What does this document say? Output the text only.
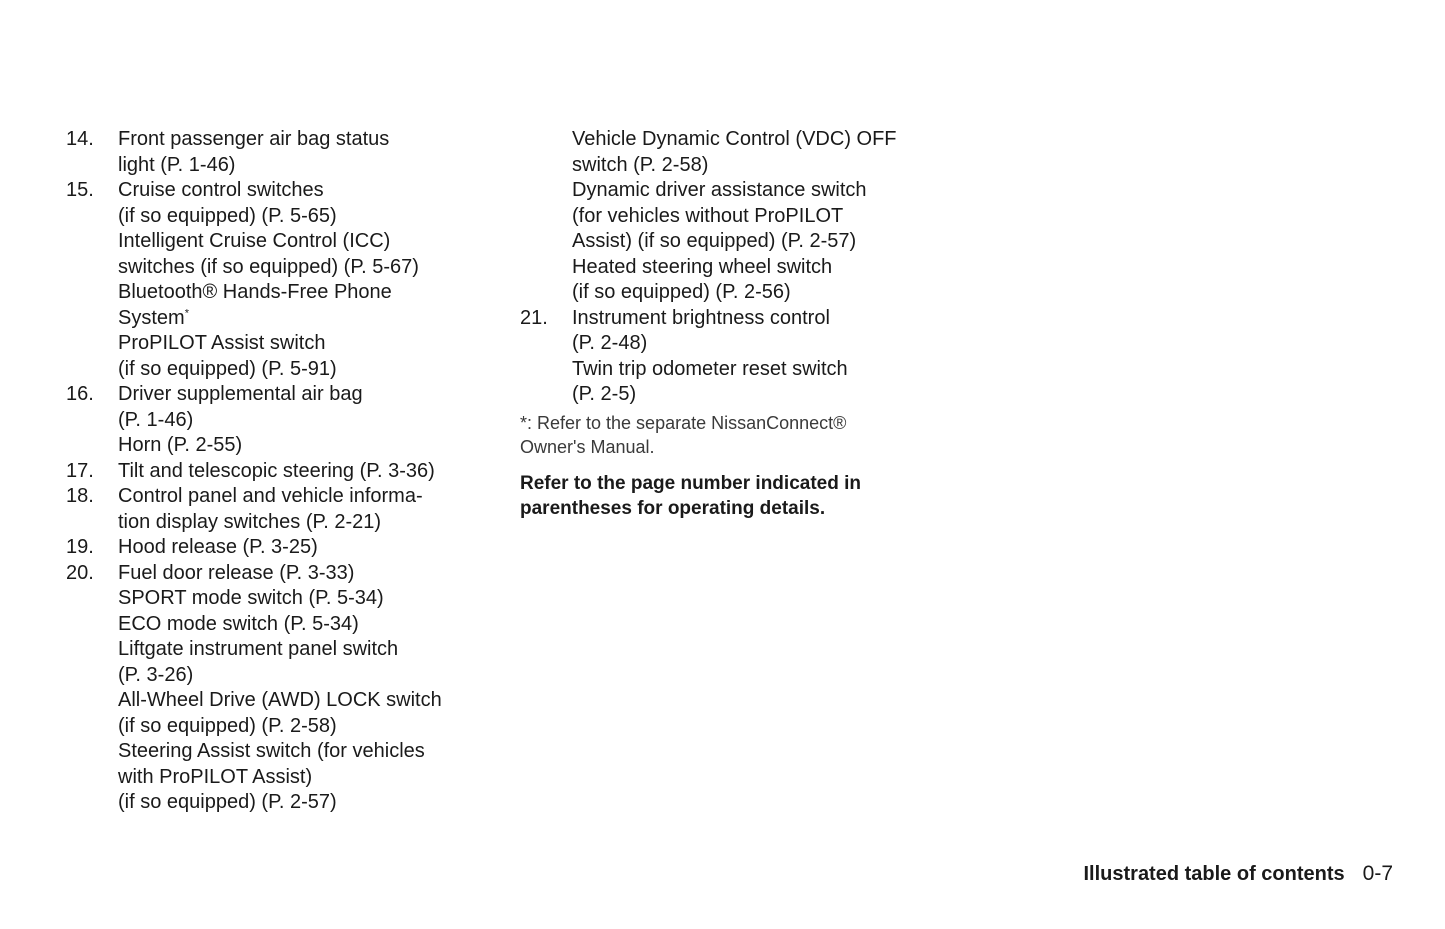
14.	Front passenger air bag status
light (P. 1-46)
15.	Cruise control switches
(if so equipped) (P. 5-65)
Intelligent Cruise Control (ICC)
switches (if so equipped) (P. 5-67)
Bluetooth® Hands-Free Phone
System*
ProPILOT Assist switch
(if so equipped) (P. 5-91)
16.	Driver supplemental air bag
(P. 1-46)
Horn (P. 2-55)
17.	Tilt and telescopic steering (P. 3-36)
18.	Control panel and vehicle informa-
tion display switches (P. 2-21)
19.	Hood release (P. 3-25)
20.	Fuel door release (P. 3-33)
SPORT mode switch (P. 5-34)
ECO mode switch (P. 5-34)
Liftgate instrument panel switch
(P. 3-26)
All-Wheel Drive (AWD) LOCK switch
(if so equipped) (P. 2-58)
Steering Assist switch (for vehicles
with ProPILOT Assist)
(if so equipped) (P. 2-57)
Vehicle Dynamic Control (VDC) OFF
switch (P. 2-58)
Dynamic driver assistance switch
(for vehicles without ProPILOT
Assist) (if so equipped) (P. 2-57)
Heated steering wheel switch
(if so equipped) (P. 2-56)
21.	Instrument brightness control
(P. 2-48)
Twin trip odometer reset switch
(P. 2-5)
*: Refer to the separate NissanConnect®
Owner's Manual.
Refer to the page number indicated in
parentheses for operating details.
Illustrated table of contents 0-7
